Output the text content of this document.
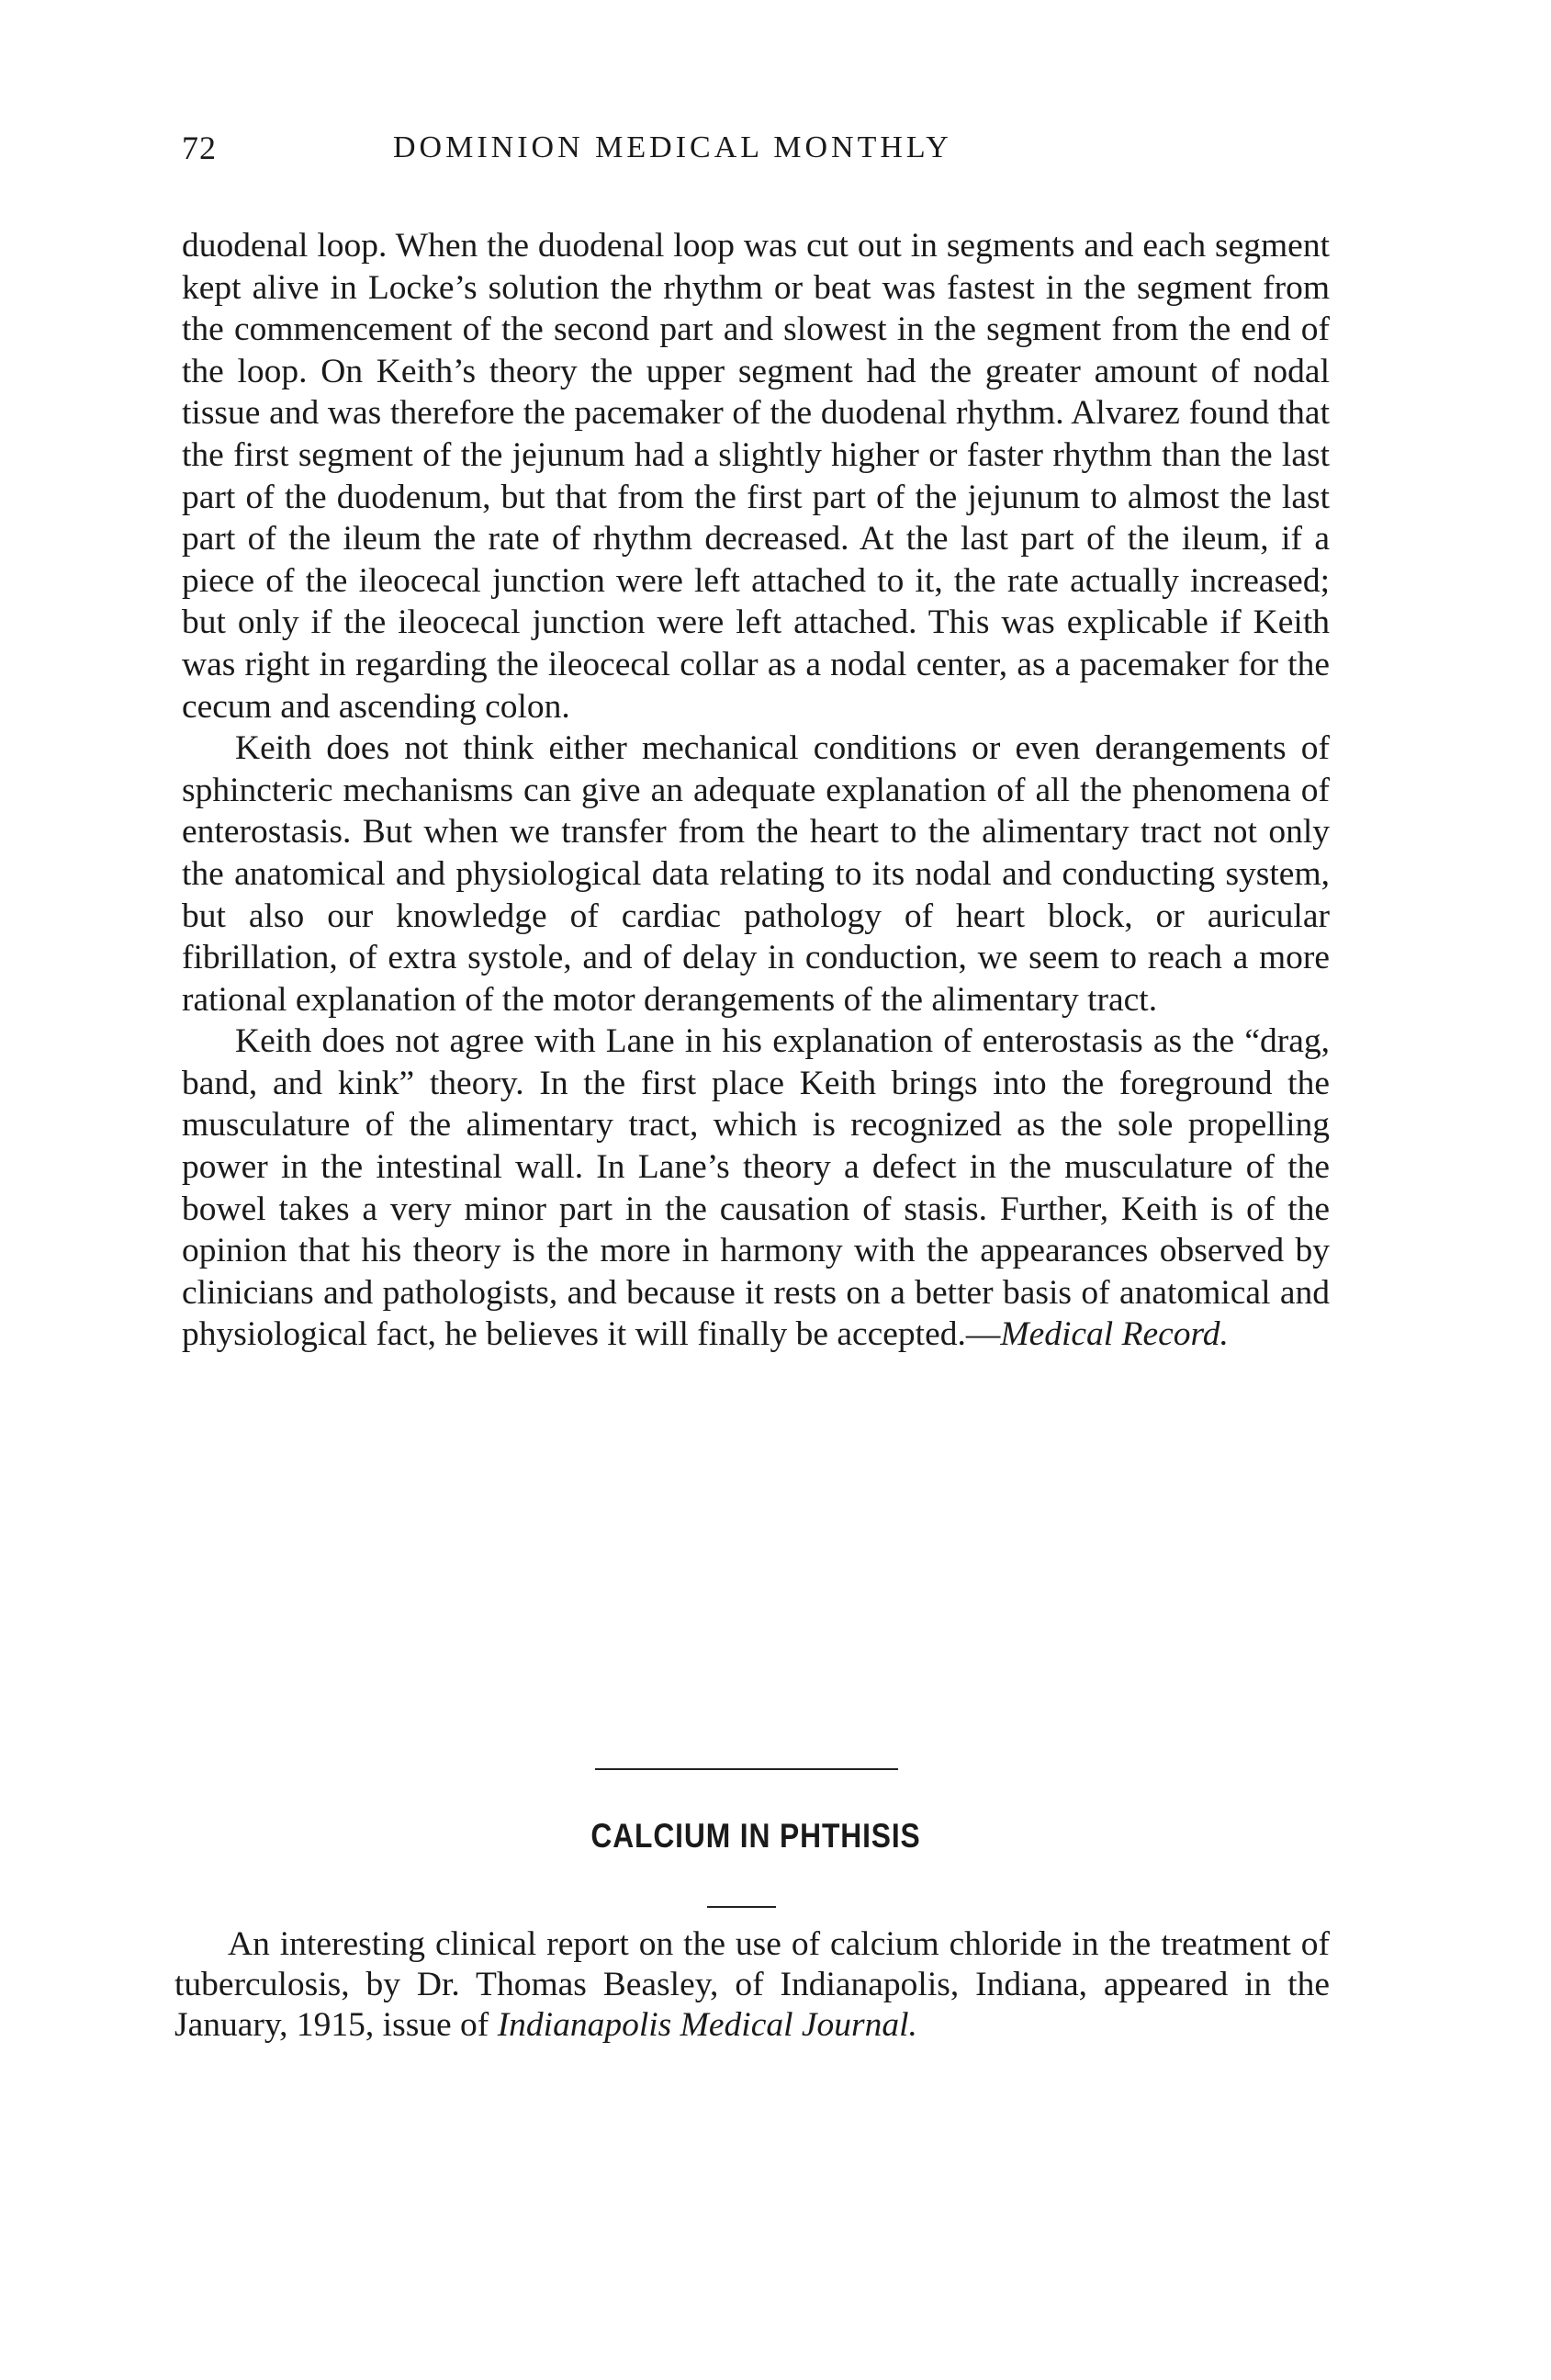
72	DOMINION MEDICAL MONTHLY

duodenal loop. When the duodenal loop was cut out in segments and each segment kept alive in Locke’s solution the rhythm or beat was fastest in the segment from the commencement of the second part and slowest in the segment from the end of the loop. On Keith’s theory the upper segment had the greater amount of nodal tissue and was therefore the pacemaker of the duodenal rhythm. Alvarez found that the first segment of the jejunum had a slightly higher or faster rhythm than the last part of the duodenum, but that from the first part of the jejunum to almost the last part of the ileum the rate of rhythm decreased. At the last part of the ileum, if a piece of the ileocecal junction were left attached to it, the rate actually increased; but only if the ileocecal junction were left attached. This was explicable if Keith was right in regarding the ileocecal collar as a nodal center, as a pacemaker for the cecum and ascending colon.

Keith does not think either mechanical conditions or even derangements of sphincteric mechanisms can give an adequate explanation of all the phenomena of enterostasis. But when we transfer from the heart to the alimentary tract not only the anatomical and physiological data relating to its nodal and conducting system, but also our knowledge of cardiac pathology of heart block, or auricular fibrillation, of extra systole, and of delay in conduction, we seem to reach a more rational explanation of the motor derangements of the alimentary tract.

Keith does not agree with Lane in his explanation of enterostasis as the “drag, band, and kink” theory. In the first place Keith brings into the foreground the musculature of the alimentary tract, which is recognized as the sole propelling power in the intestinal wall. In Lane’s theory a defect in the musculature of the bowel takes a very minor part in the causation of stasis. Further, Keith is of the opinion that his theory is the more in harmony with the appearances observed by clinicians and pathologists, and because it rests on a better basis of anatomical and physiological fact, he believes it will finally be accepted.—Medical Record.

CALCIUM IN PHTHISIS

An interesting clinical report on the use of calcium chloride in the treatment of tuberculosis, by Dr. Thomas Beasley, of Indianapolis, Indiana, appeared in the January, 1915, issue of Indianapolis Medical Journal.
